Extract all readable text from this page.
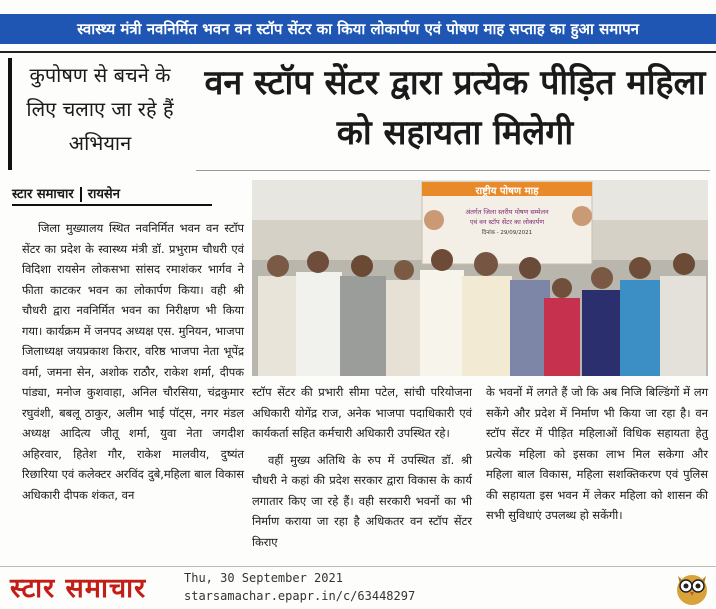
स्वास्थ्य मंत्री नवनिर्मित भवन वन स्टॉप सेंटर का किया लोकार्पण एवं पोषण माह सप्ताह का हुआ समापन
कुपोषण से बचने के लिए चलाए जा रहे हैं अभियान
वन स्टॉप सेंटर द्वारा प्रत्येक पीड़ित महिला को सहायता मिलेगी
स्टार समाचार रायसेन

जिला मुख्यालय स्थित नवनिर्मित भवन वन स्टॉप सेंटर का प्रदेश के स्वास्थ्य मंत्री डॉ. प्रभुराम चौधरी एवं विदिशा रायसेन लोकसभा सांसद रमाशंकर भार्गव ने फीता काटकर भवन का लोकार्पण किया। वही श्री चौधरी द्वारा नवनिर्मित भवन का निरीक्षण भी किया गया। कार्यक्रम में जनपद अध्यक्ष एस. मुनियन, भाजपा जिलाध्यक्ष जयप्रकाश किरार, वरिष्ठ भाजपा नेता भूपेंद्र वर्मा, जमना सेन, अशोक राठौर, राकेश शर्मा, दीपक पांड्या, मनोज कुशवाहा, अनिल चौरसिया, चंद्रकुमार रघुवंशी, बबलू ठाकुर, अलीम भाई पॉट्स, नगर मंडल अध्यक्ष आदित्य जीतू शर्मा, युवा नेता जगदीश अहिरवार, हितेश गौर, राकेश मालवीय, दुष्यंत रिछारिया एवं कलेक्टर अरविंद दुबे,महिला बाल विकास अधिकारी दीपक शंकत, वन

राष्ट्रीय पोषण माह
अंतर्गत जिला स्तरीय पोषण सम्मेलन
एवं वन स्टॉप सेंटर का लोकार्पण
दिनांक - 29/09/2021

स्टॉप सेंटर की प्रभारी सीमा पटेल, सांची परियोजना अधिकारी योगेंद्र राज, अनेक भाजपा पदाधिकारी एवं कार्यकर्ता सहित कर्मचारी अधिकारी उपस्थित रहे।

वहीं मुख्य अतिथि के रुप में उपस्थित डॉ. श्री चौधरी ने कहां की प्रदेश सरकार द्वारा विकास के कार्य लगातार किए जा रहे हैं। वही सरकारी भवनों का भी निर्माण कराया जा रहा है अधिकतर वन स्टॉप सेंटर किराए

के भवनों में लगते हैं जो कि अब निजि बिल्डिंगों में लग सकेंगे और प्रदेश में निर्माण भी किया जा रहा है। वन स्टॉप सेंटर में पीड़ित महिलाओं विधिक सहायता हेतु प्रत्येक महिला को इसका लाभ मिल सकेगा और महिला बाल विकास, महिला सशक्तिकरण एवं पुलिस की सहायता इस भवन में लेकर महिला को शासन की सभी सुविधाएं उपलब्ध हो सकेंगी।

स्टार समाचार	Thu, 30 September 2021
starsamachar.epapr.in/c/63448297
